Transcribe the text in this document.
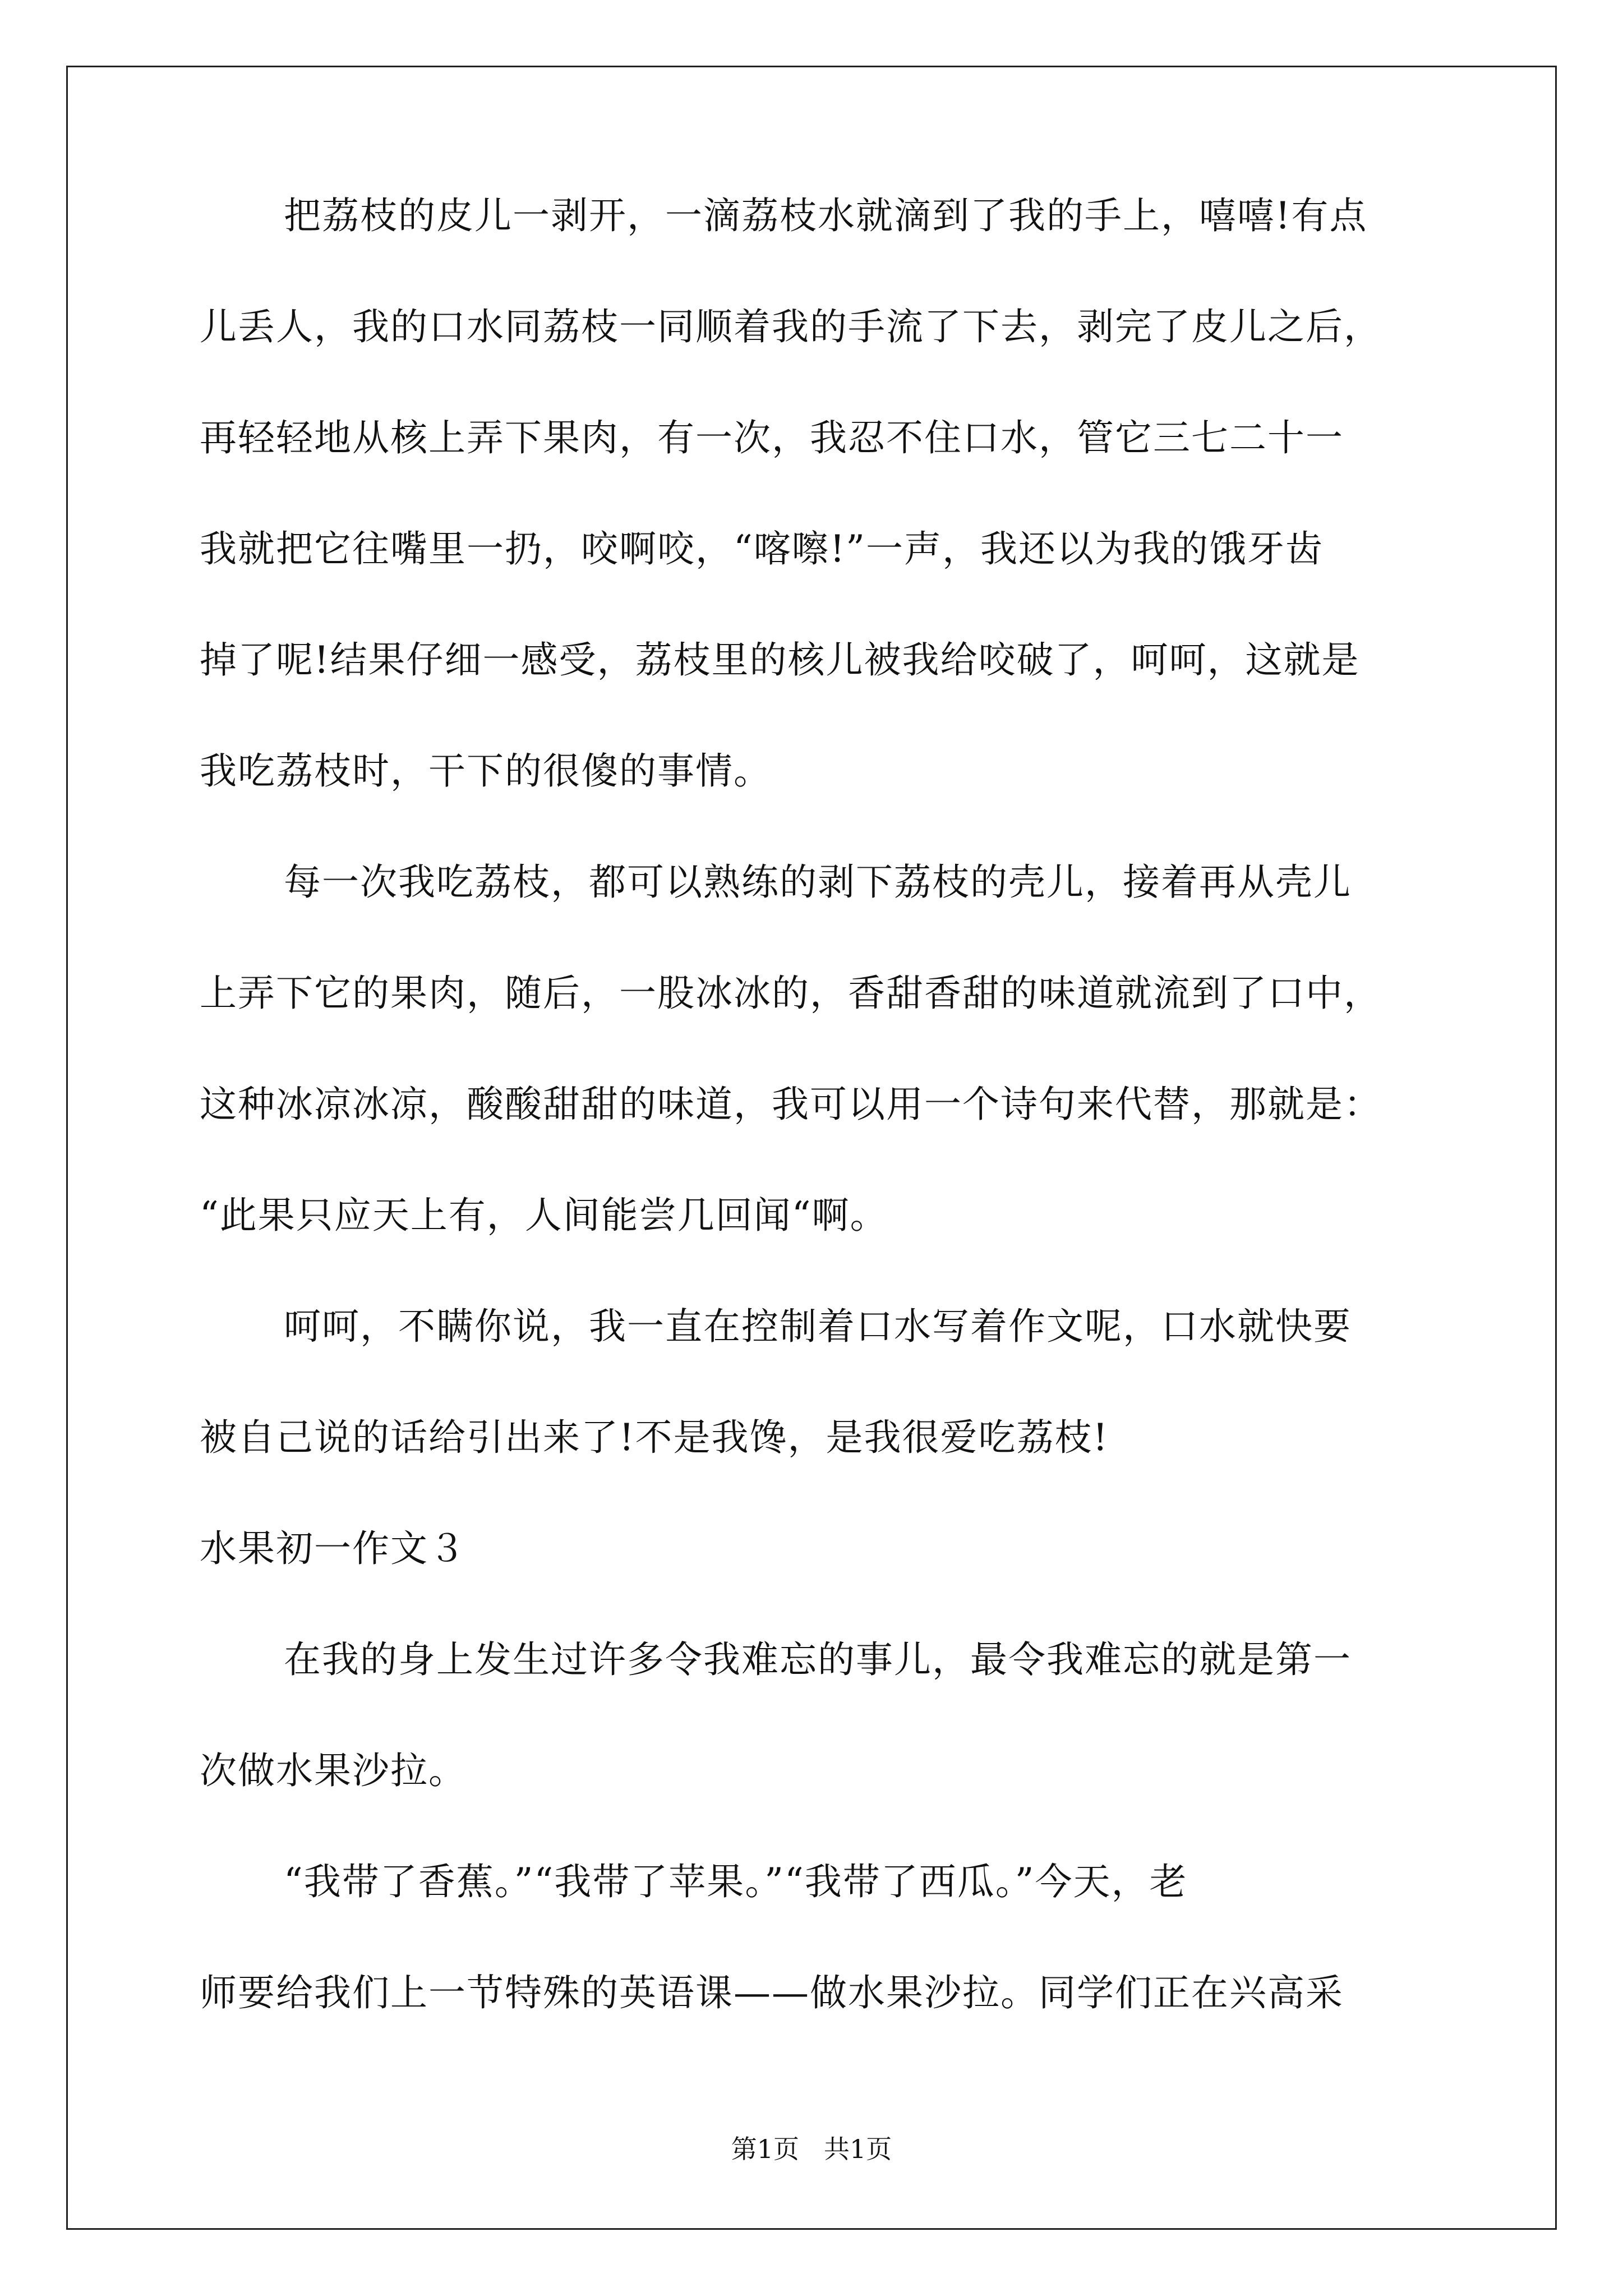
把荔枝的皮儿一剥开，一滴荔枝水就滴到了我的手上，嘻嘻!有点
儿丢人，我的口水同荔枝一同顺着我的手流了下去，剥完了皮儿之后，
再轻轻地从核上弄下果肉，有一次，我忍不住口水，管它三七二十一
我就把它往嘴里一扔，咬啊咬，“喀嚓!”一声，我还以为我的饿牙齿
掉了呢!结果仔细一感受，荔枝里的核儿被我给咬破了，呵呵，这就是
我吃荔枝时，干下的很傻的事情。
每一次我吃荔枝，都可以熟练的剥下荔枝的壳儿，接着再从壳儿
上弄下它的果肉，随后，一股冰冰的，香甜香甜的味道就流到了口中，
这种冰凉冰凉，酸酸甜甜的味道，我可以用一个诗句来代替，那就是：
“此果只应天上有，人间能尝几回闻“啊。
呵呵，不瞒你说，我一直在控制着口水写着作文呢，口水就快要
被自己说的话给引出来了!不是我馋，是我很爱吃荔枝!
水果初一作文３
在我的身上发生过许多令我难忘的事儿，最令我难忘的就是第一
次做水果沙拉。
“我带了香蕉。”“我带了苹果。”“我带了西瓜。”今天，老
师要给我们上一节特殊的英语课——做水果沙拉。同学们正在兴高采
第1页 共1页
